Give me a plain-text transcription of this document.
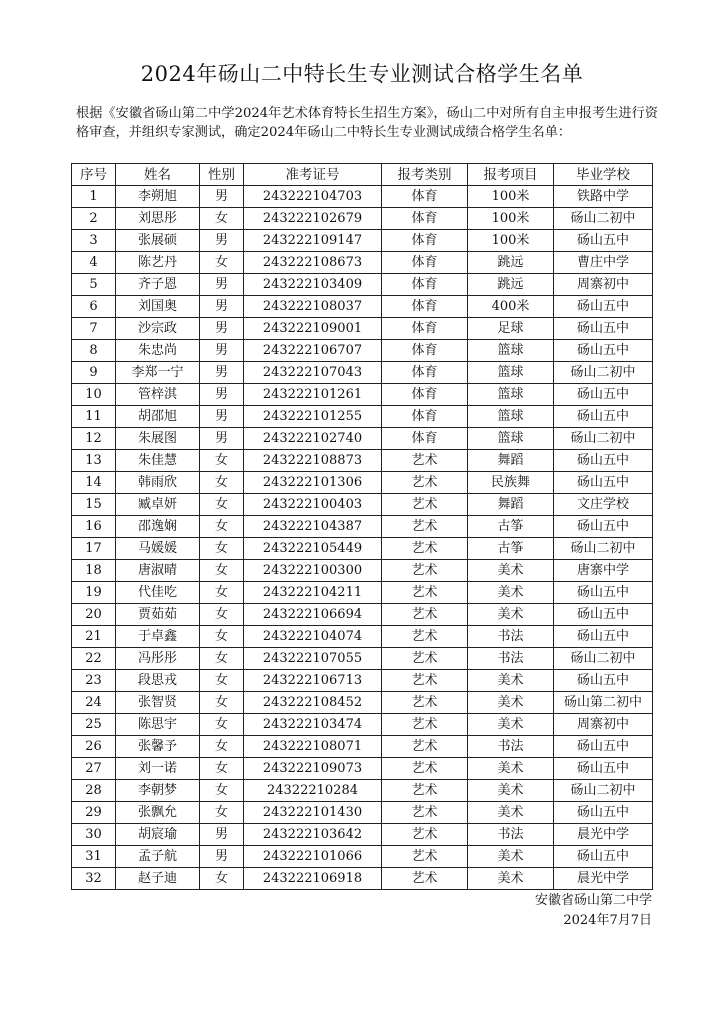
2024年砀山二中特长生专业测试合格学生名单
根据《安徽省砀山第二中学2024年艺术体育特长生招生方案》，砀山二中对所有自主申报考生进行资格审查，并组织专家测试，确定2024年砀山二中特长生专业测试成绩合格学生名单：
序号	姓名	性别	准考证号	报考类别	报考项目	毕业学校
1	李朔旭	男	243222104703	体育	100米	铁路中学
2	刘思彤	女	243222102679	体育	100米	砀山二初中
3	张展硕	男	243222109147	体育	100米	砀山五中
4	陈艺丹	女	243222108673	体育	跳远	曹庄中学
5	齐子恩	男	243222103409	体育	跳远	周寨初中
6	刘国奥	男	243222108037	体育	400米	砀山五中
7	沙宗政	男	243222109001	体育	足球	砀山五中
8	朱忠尚	男	243222106707	体育	篮球	砀山五中
9	李郑一宁	男	243222107043	体育	篮球	砀山二初中
10	管梓淇	男	243222101261	体育	篮球	砀山五中
11	胡邵旭	男	243222101255	体育	篮球	砀山五中
12	朱展图	男	243222102740	体育	篮球	砀山二初中
13	朱佳慧	女	243222108873	艺术	舞蹈	砀山五中
14	韩雨欣	女	243222101306	艺术	民族舞	砀山五中
15	臧卓妍	女	243222100403	艺术	舞蹈	文庄学校
16	邵逸娴	女	243222104387	艺术	古筝	砀山五中
17	马媛媛	女	243222105449	艺术	古筝	砀山二初中
18	唐淑晴	女	243222100300	艺术	美术	唐寨中学
19	代佳吃	女	243222104211	艺术	美术	砀山五中
20	贾茹茹	女	243222106694	艺术	美术	砀山五中
21	于卓鑫	女	243222104074	艺术	书法	砀山五中
22	冯彤彤	女	243222107055	艺术	书法	砀山二初中
23	段思戎	女	243222106713	艺术	美术	砀山五中
24	张智贤	女	243222108452	艺术	美术	砀山第二初中
25	陈思宇	女	243222103474	艺术	美术	周寨初中
26	张馨予	女	243222108071	艺术	书法	砀山五中
27	刘一诺	女	243222109073	艺术	美术	砀山五中
28	李朝梦	女	24322210284	艺术	美术	砀山二初中
29	张飘允	女	243222101430	艺术	美术	砀山五中
30	胡宸瑜	男	243222103642	艺术	书法	晨光中学
31	孟子航	男	243222101066	艺术	美术	砀山五中
32	赵子迪	女	243222106918	艺术	美术	晨光中学
安徽省砀山第二中学
2024年7月7日
